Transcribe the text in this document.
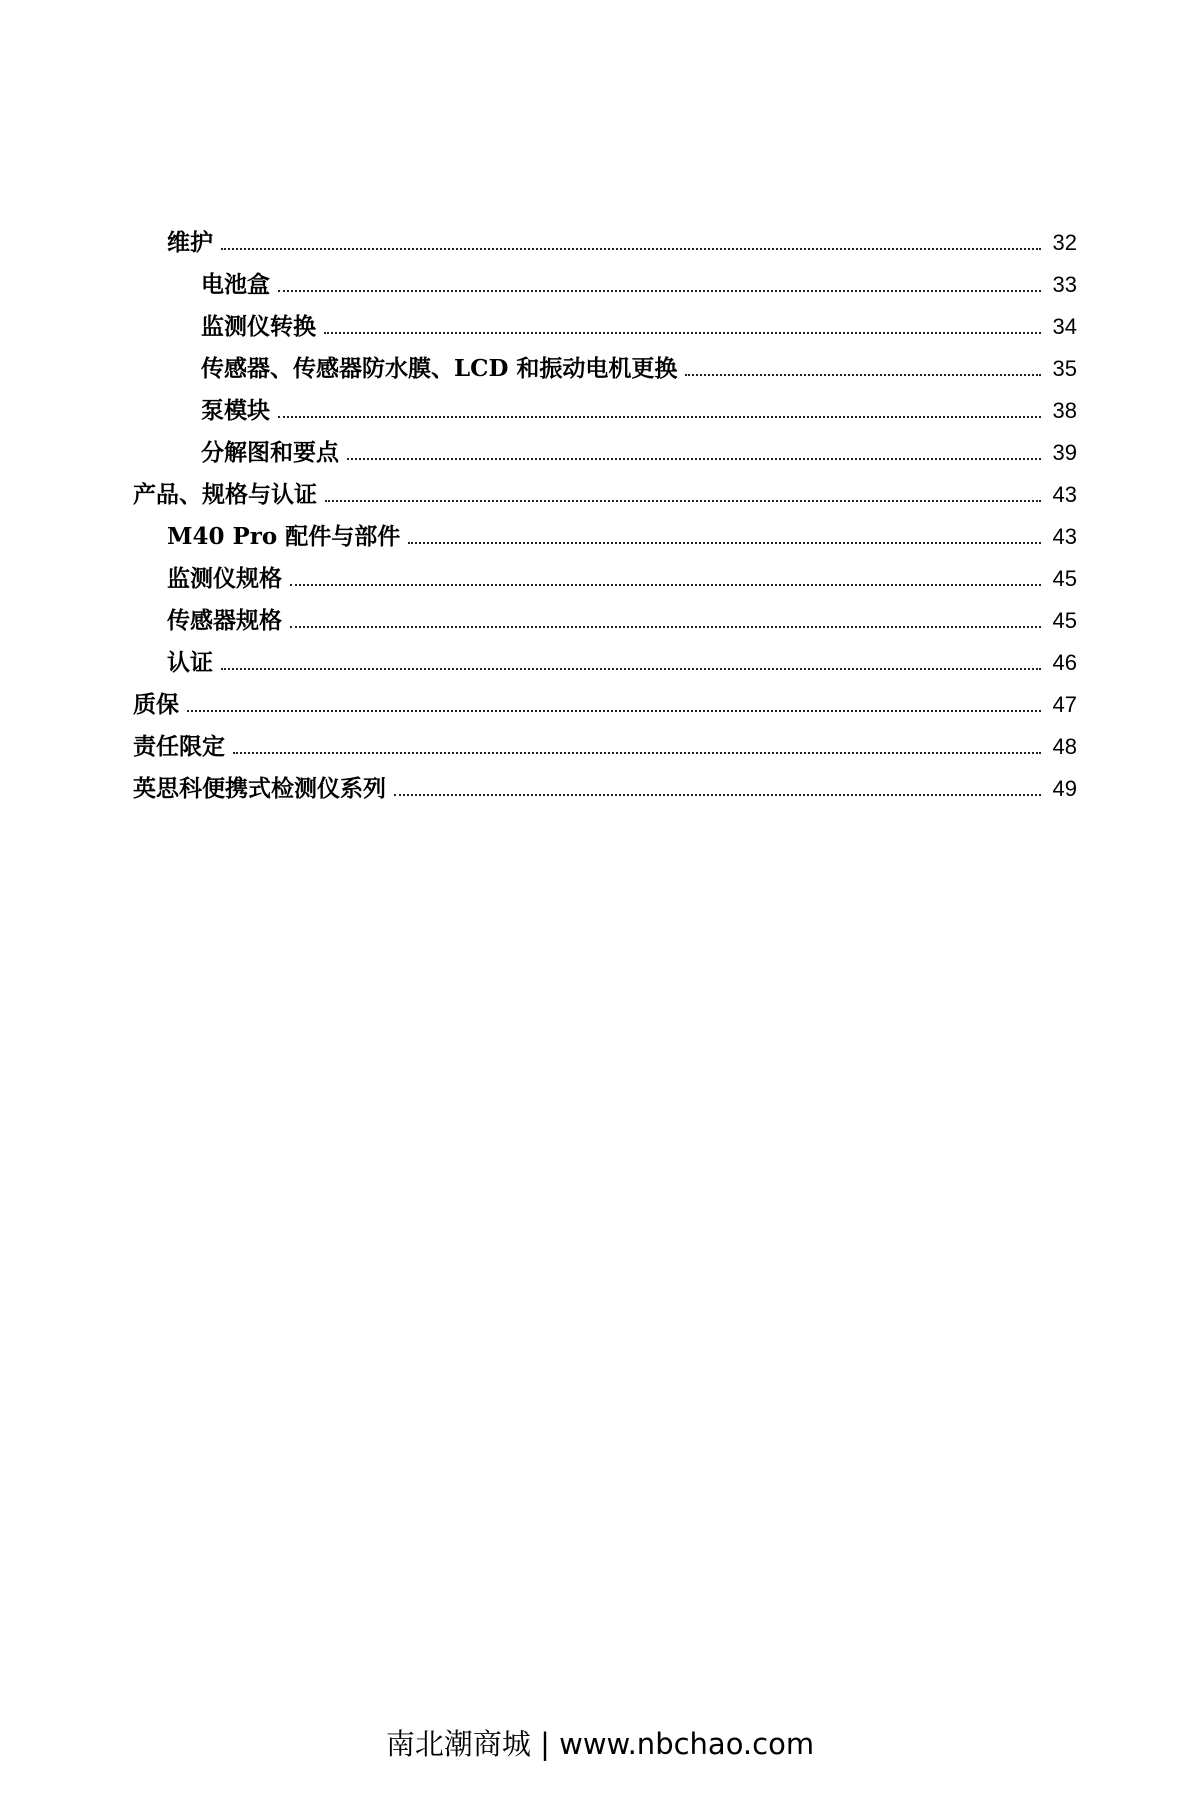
维护	32
电池盒	33
监测仪转换	34
传感器、传感器防水膜、LCD 和振动电机更换	35
泵模块	38
分解图和要点	39
产品、规格与认证	43
M40 Pro 配件与部件	43
监测仪规格	45
传感器规格	45
认证	46
质保	47
责任限定	48
英思科便携式检测仪系列	49
南北潮商城 | www.nbchao.com
